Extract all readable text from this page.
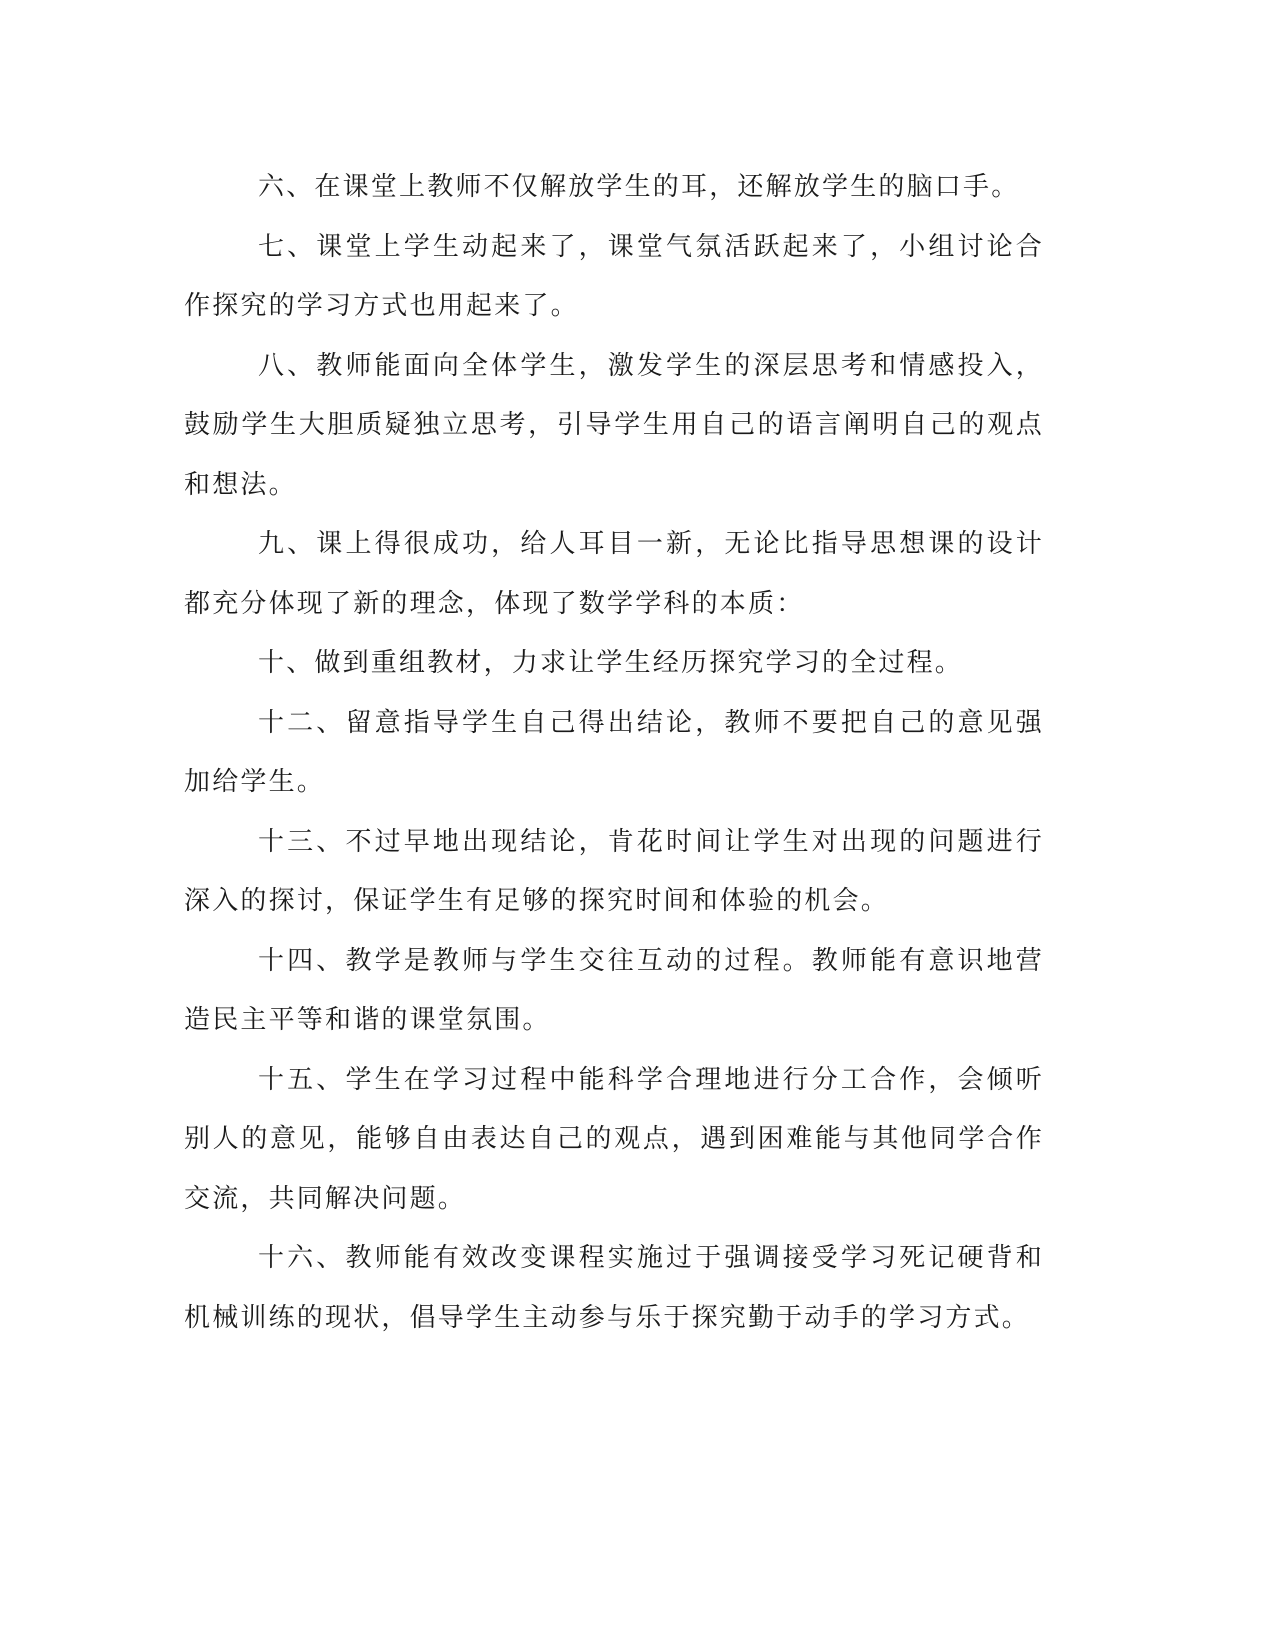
六、在课堂上教师不仅解放学生的耳，还解放学生的脑口手。

七、课堂上学生动起来了，课堂气氛活跃起来了，小组讨论合作探究的学习方式也用起来了。

八、教师能面向全体学生，激发学生的深层思考和情感投入，鼓励学生大胆质疑独立思考，引导学生用自己的语言阐明自己的观点和想法。

九、课上得很成功，给人耳目一新，无论比指导思想课的设计都充分体现了新的理念，体现了数学学科的本质：

十、做到重组教材，力求让学生经历探究学习的全过程。

十二、留意指导学生自己得出结论，教师不要把自己的意见强加给学生。

十三、不过早地出现结论，肯花时间让学生对出现的问题进行深入的探讨，保证学生有足够的探究时间和体验的机会。

十四、教学是教师与学生交往互动的过程。教师能有意识地营造民主平等和谐的课堂氛围。

十五、学生在学习过程中能科学合理地进行分工合作，会倾听别人的意见，能够自由表达自己的观点，遇到困难能与其他同学合作交流，共同解决问题。

十六、教师能有效改变课程实施过于强调接受学习死记硬背和机械训练的现状，倡导学生主动参与乐于探究勤于动手的学习方式。
